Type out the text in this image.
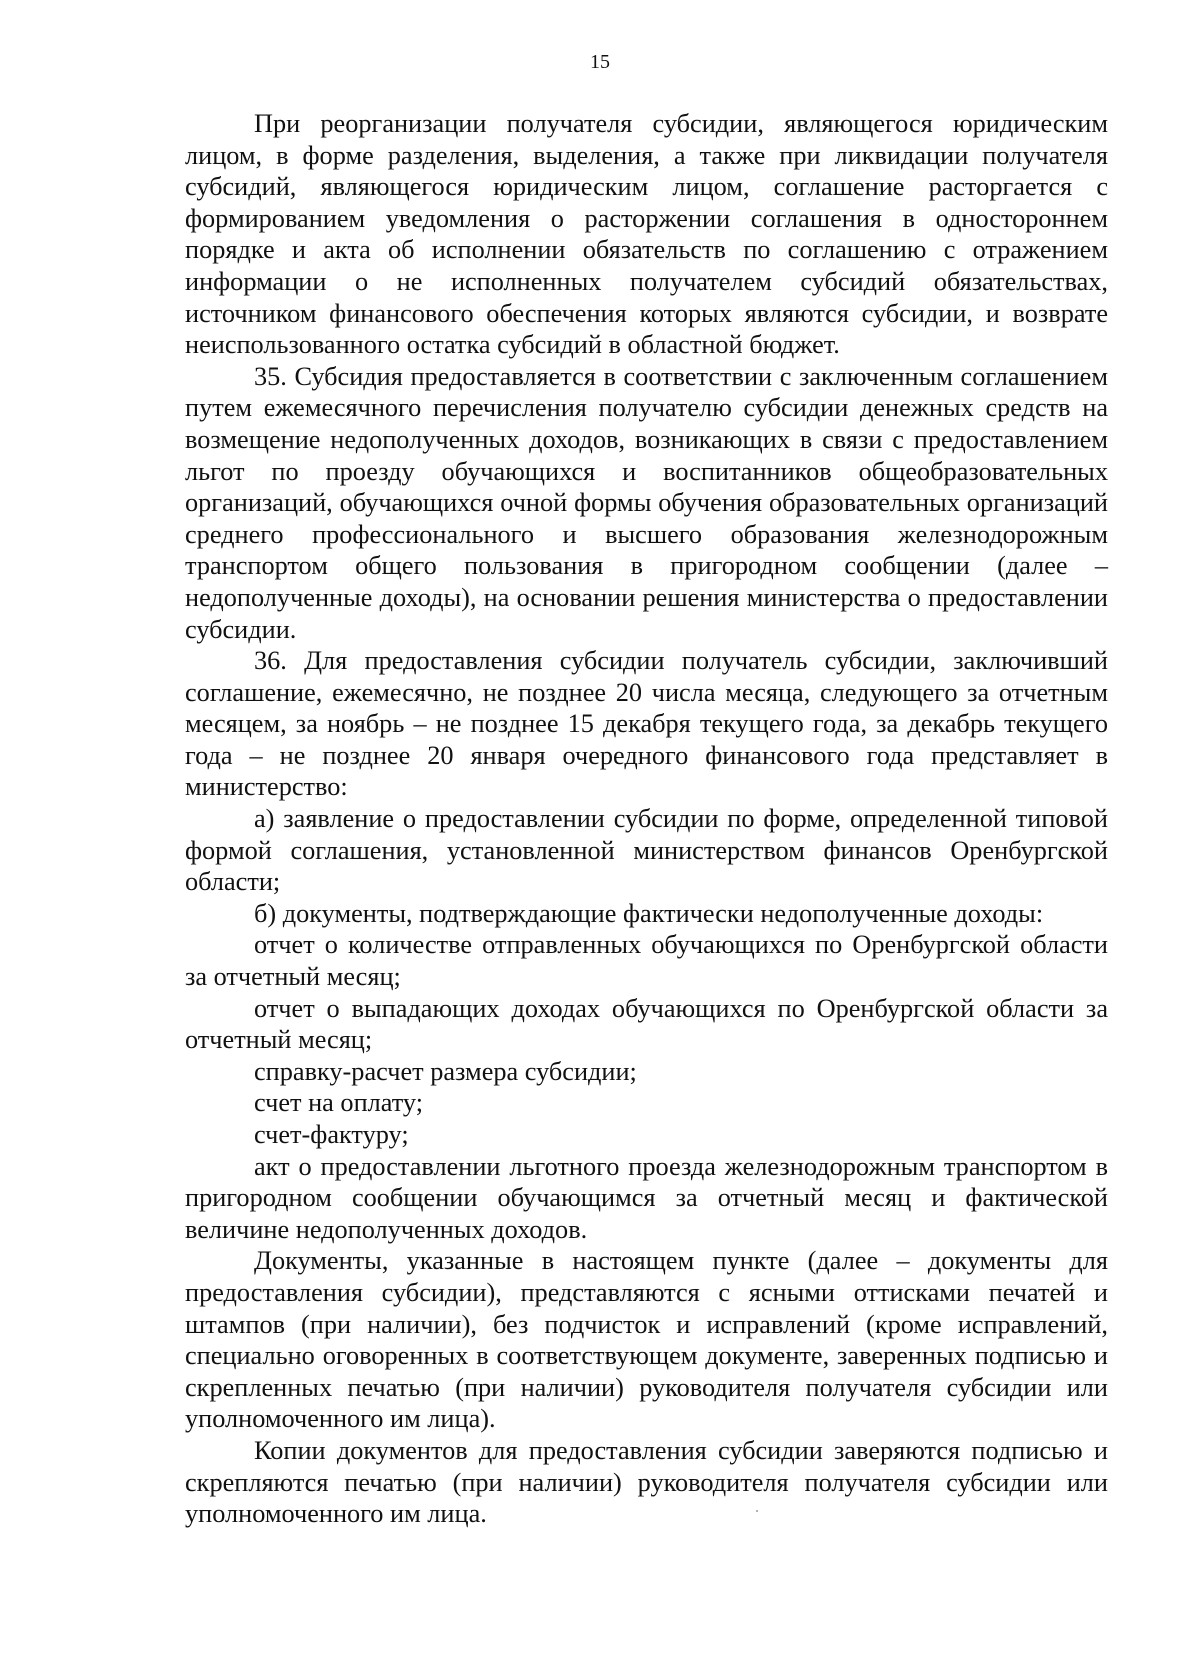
15

При реорганизации получателя субсидии, являющегося юридическим лицом, в форме разделения, выделения, а также при ликвидации получателя субсидий, являющегося юридическим лицом, соглашение расторгается с формированием уведомления о расторжении соглашения в одностороннем порядке и акта об исполнении обязательств по соглашению с отражением информации о не исполненных получателем субсидий обязательствах, источником финансового обеспечения которых являются субсидии, и возврате неиспользованного остатка субсидий в областной бюджет.

35. Субсидия предоставляется в соответствии с заключенным соглашением путем ежемесячного перечисления получателю субсидии денежных средств на возмещение недополученных доходов, возникающих в связи с предоставлением льгот по проезду обучающихся и воспитанников общеобразовательных организаций, обучающихся очной формы обучения образовательных организаций среднего профессионального и высшего образования железнодорожным транспортом общего пользования в пригородном сообщении (далее – недополученные доходы), на основании решения министерства о предоставлении субсидии.

36. Для предоставления субсидии получатель субсидии, заключивший соглашение, ежемесячно, не позднее 20 числа месяца, следующего за отчетным месяцем, за ноябрь – не позднее 15 декабря текущего года, за декабрь текущего года – не позднее 20 января очередного финансового года представляет в министерство:

а) заявление о предоставлении субсидии по форме, определенной типовой формой соглашения, установленной министерством финансов Оренбургской области;

б) документы, подтверждающие фактически недополученные доходы:

отчет о количестве отправленных обучающихся по Оренбургской области за отчетный месяц;

отчет о выпадающих доходах обучающихся по Оренбургской области за отчетный месяц;

справку-расчет размера субсидии;

счет на оплату;

счет-фактуру;

акт о предоставлении льготного проезда железнодорожным транспортом в пригородном сообщении обучающимся за отчетный месяц и фактической величине недополученных доходов.

Документы, указанные в настоящем пункте (далее – документы для предоставления субсидии), представляются с ясными оттисками печатей и штампов (при наличии), без подчисток и исправлений (кроме исправлений, специально оговоренных в соответствующем документе, заверенных подписью и скрепленных печатью (при наличии) руководителя получателя субсидии или уполномоченного им лица).

Копии документов для предоставления субсидии заверяются подписью и скрепляются печатью (при наличии) руководителя получателя субсидии или уполномоченного им лица.
